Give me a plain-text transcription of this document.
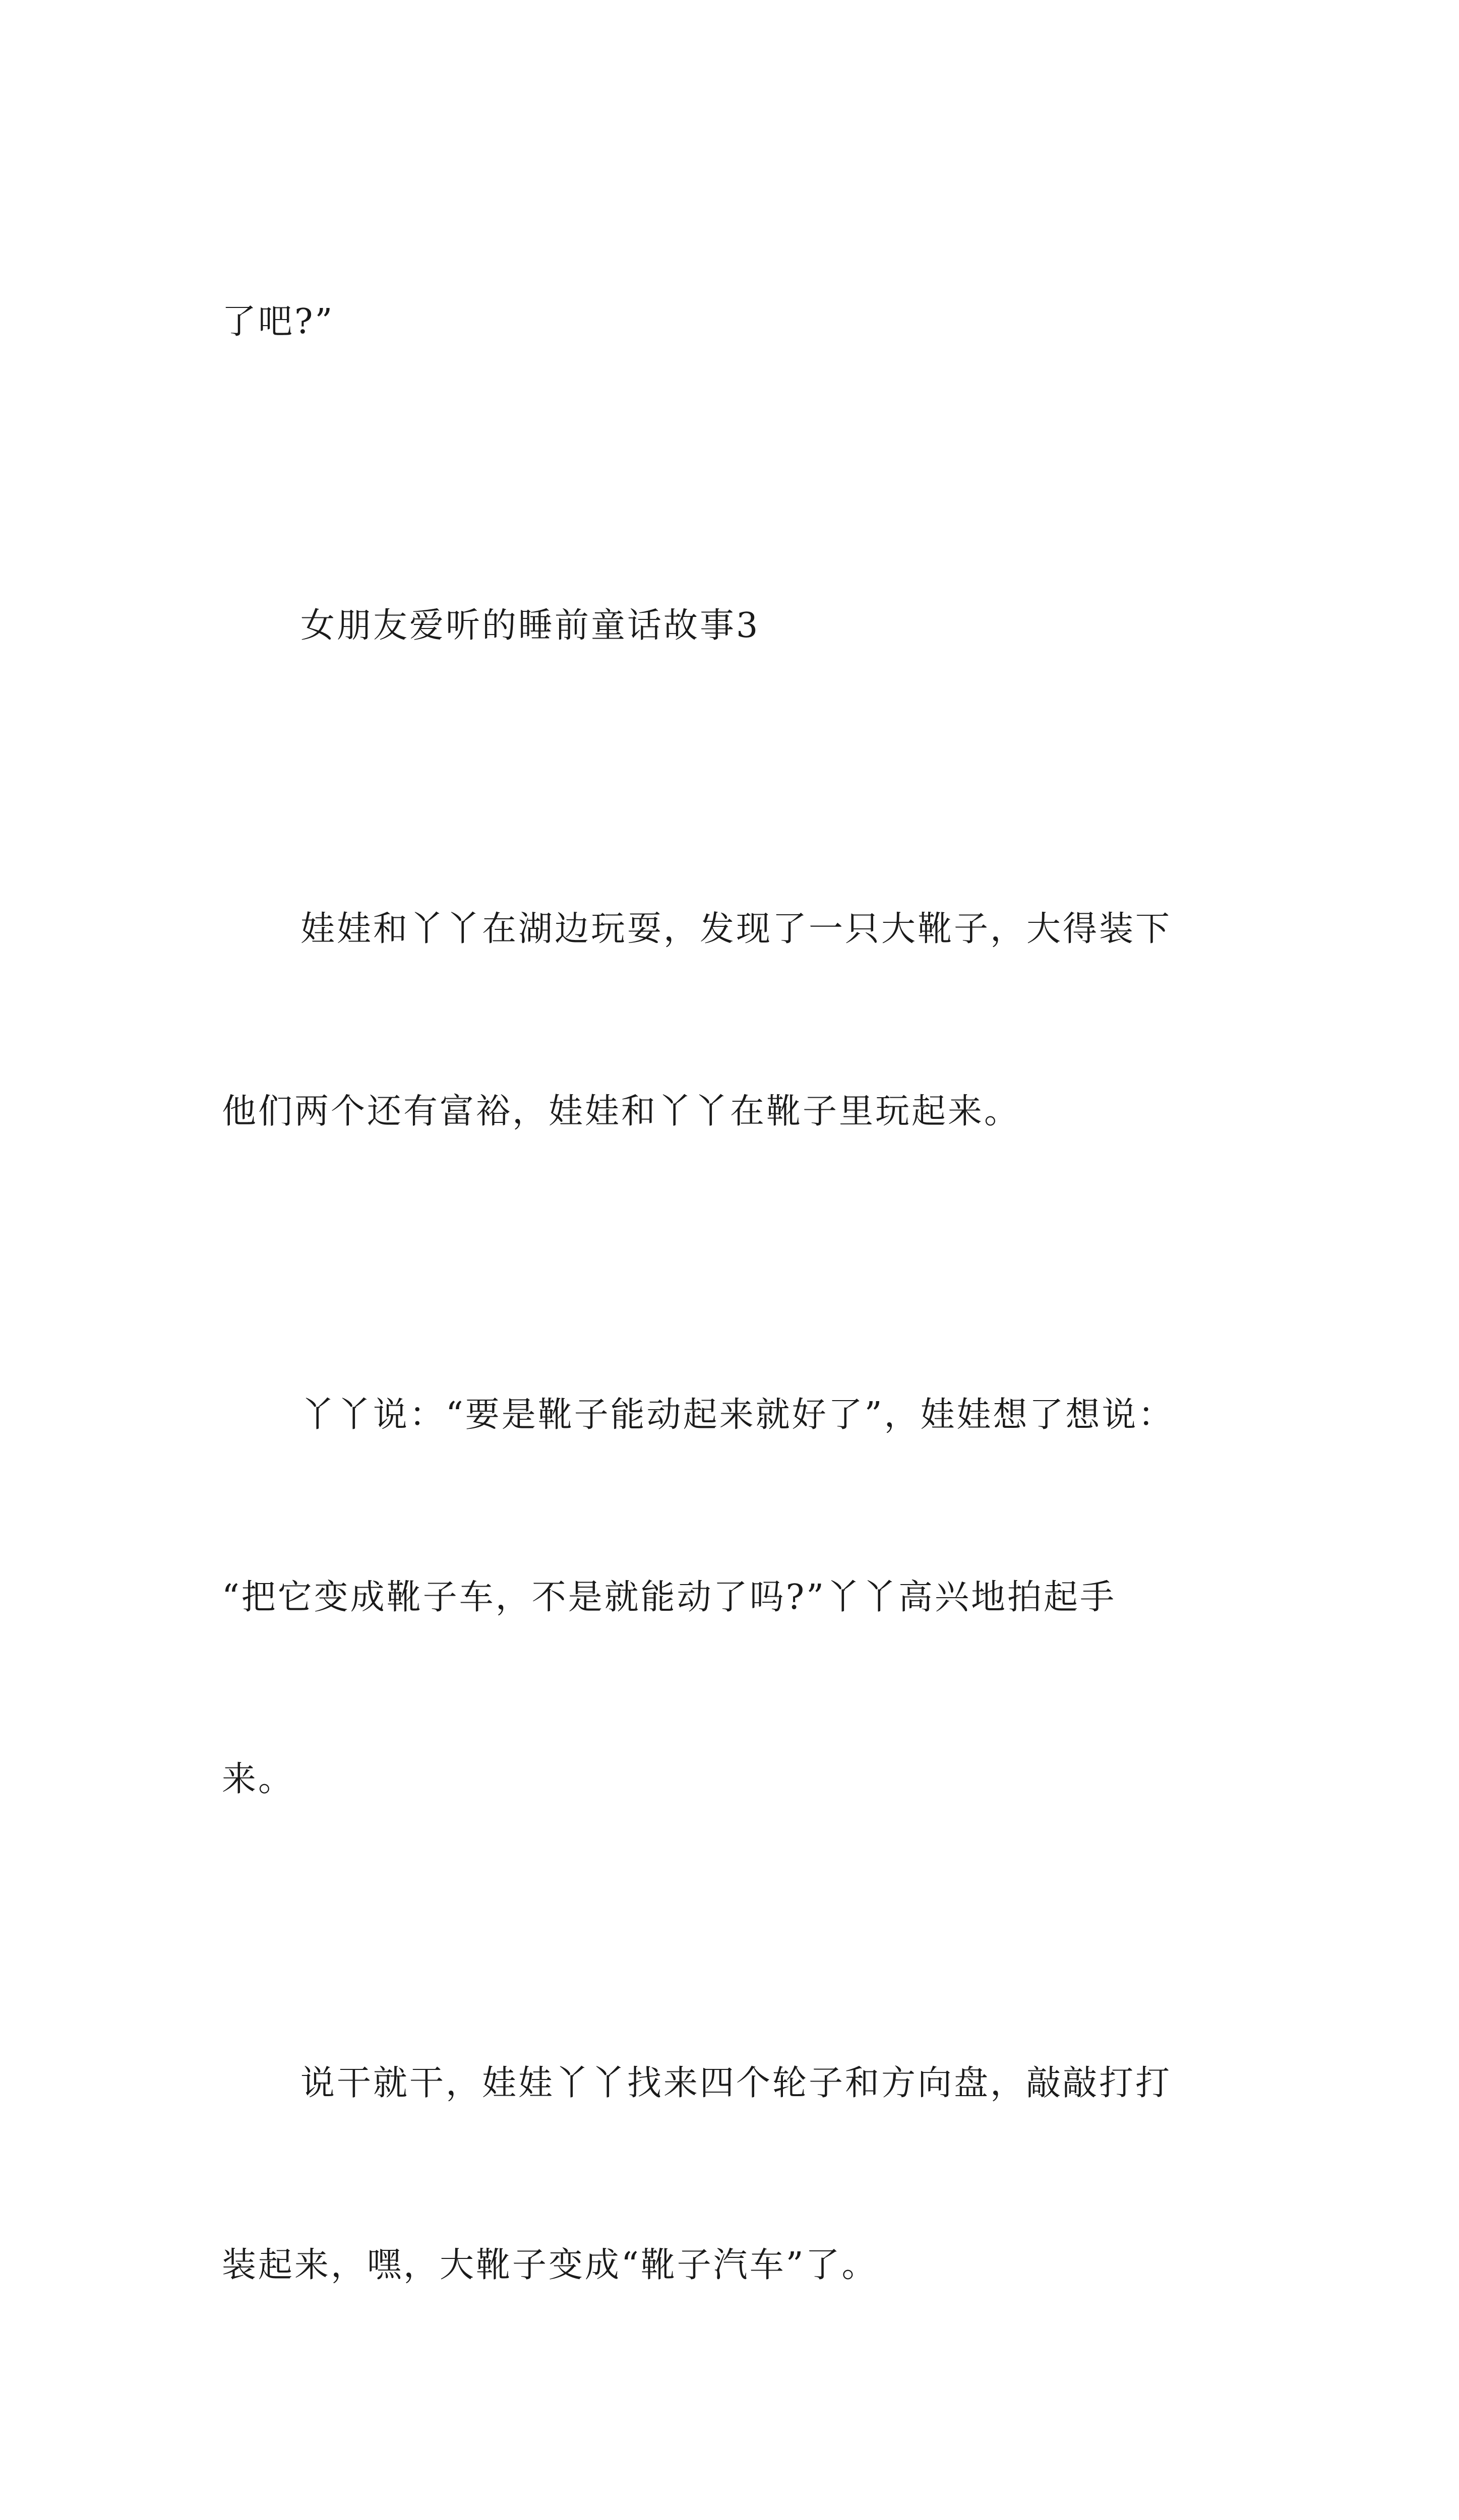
了吧?”

女朋友爱听的睡前童话故事3

娃娃和丫丫在湖边玩耍，发现了一只大靴子，大得装下

他们两个还有富裕，娃娃和丫丫在靴子里玩起来。

丫丫说：“要是靴子能动起来就好了”，娃娃想了想说：

“把它变成靴子车，不是就能动了吗?”丫丫高兴地拍起手

来。

说干就干，娃娃丫丫找来四个轮子和方向盘，敲敲打打

装起来，嘿，大靴子变成“靴子汽车”了。
